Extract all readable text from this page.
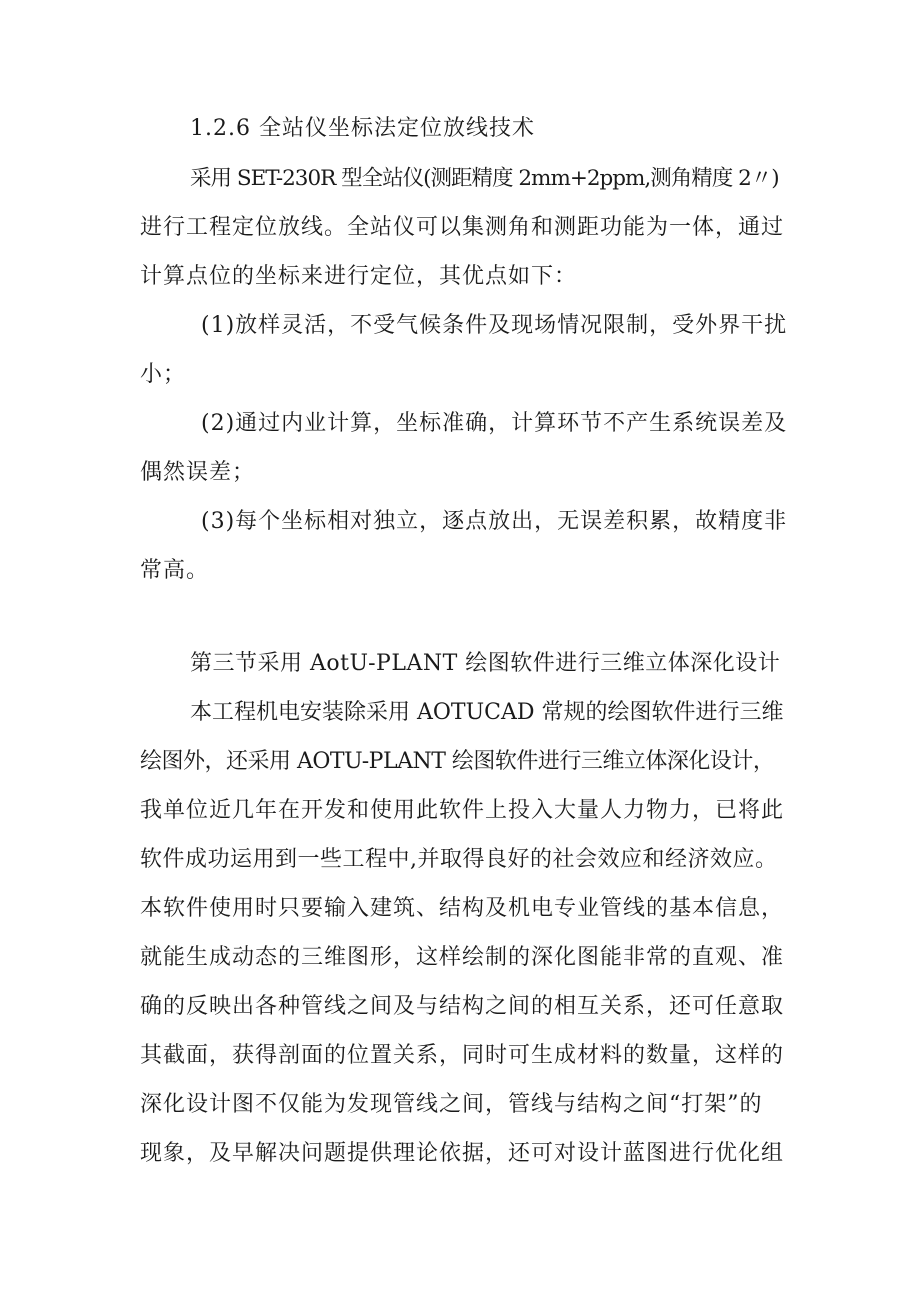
1.2.6 全站仪坐标法定位放线技术
采用 SET-230R 型全站仪(测距精度 2mm+2ppm,测角精度 2〃)
进行工程定位放线。全站仪可以集测角和测距功能为一体，通过
计算点位的坐标来进行定位，其优点如下：
(1)放样灵活，不受气候条件及现场情况限制，受外界干扰
小；
(2)通过内业计算，坐标准确，计算环节不产生系统误差及
偶然误差；
(3)每个坐标相对独立，逐点放出，无误差积累，故精度非
常高。
第三节采用 AotU-PLANT 绘图软件进行三维立体深化设计
本工程机电安装除采用 AOTUCAD 常规的绘图软件进行三维
绘图外，还采用 AOTU-PLANT 绘图软件进行三维立体深化设计，
我单位近几年在开发和使用此软件上投入大量人力物力，已将此
软件成功运用到一些工程中,并取得良好的社会效应和经济效应。
本软件使用时只要输入建筑、结构及机电专业管线的基本信息，
就能生成动态的三维图形，这样绘制的深化图能非常的直观、准
确的反映出各种管线之间及与结构之间的相互关系，还可任意取
其截面，获得剖面的位置关系，同时可生成材料的数量，这样的
深化设计图不仅能为发现管线之间，管线与结构之间“打架”的
现象，及早解决问题提供理论依据，还可对设计蓝图进行优化组
